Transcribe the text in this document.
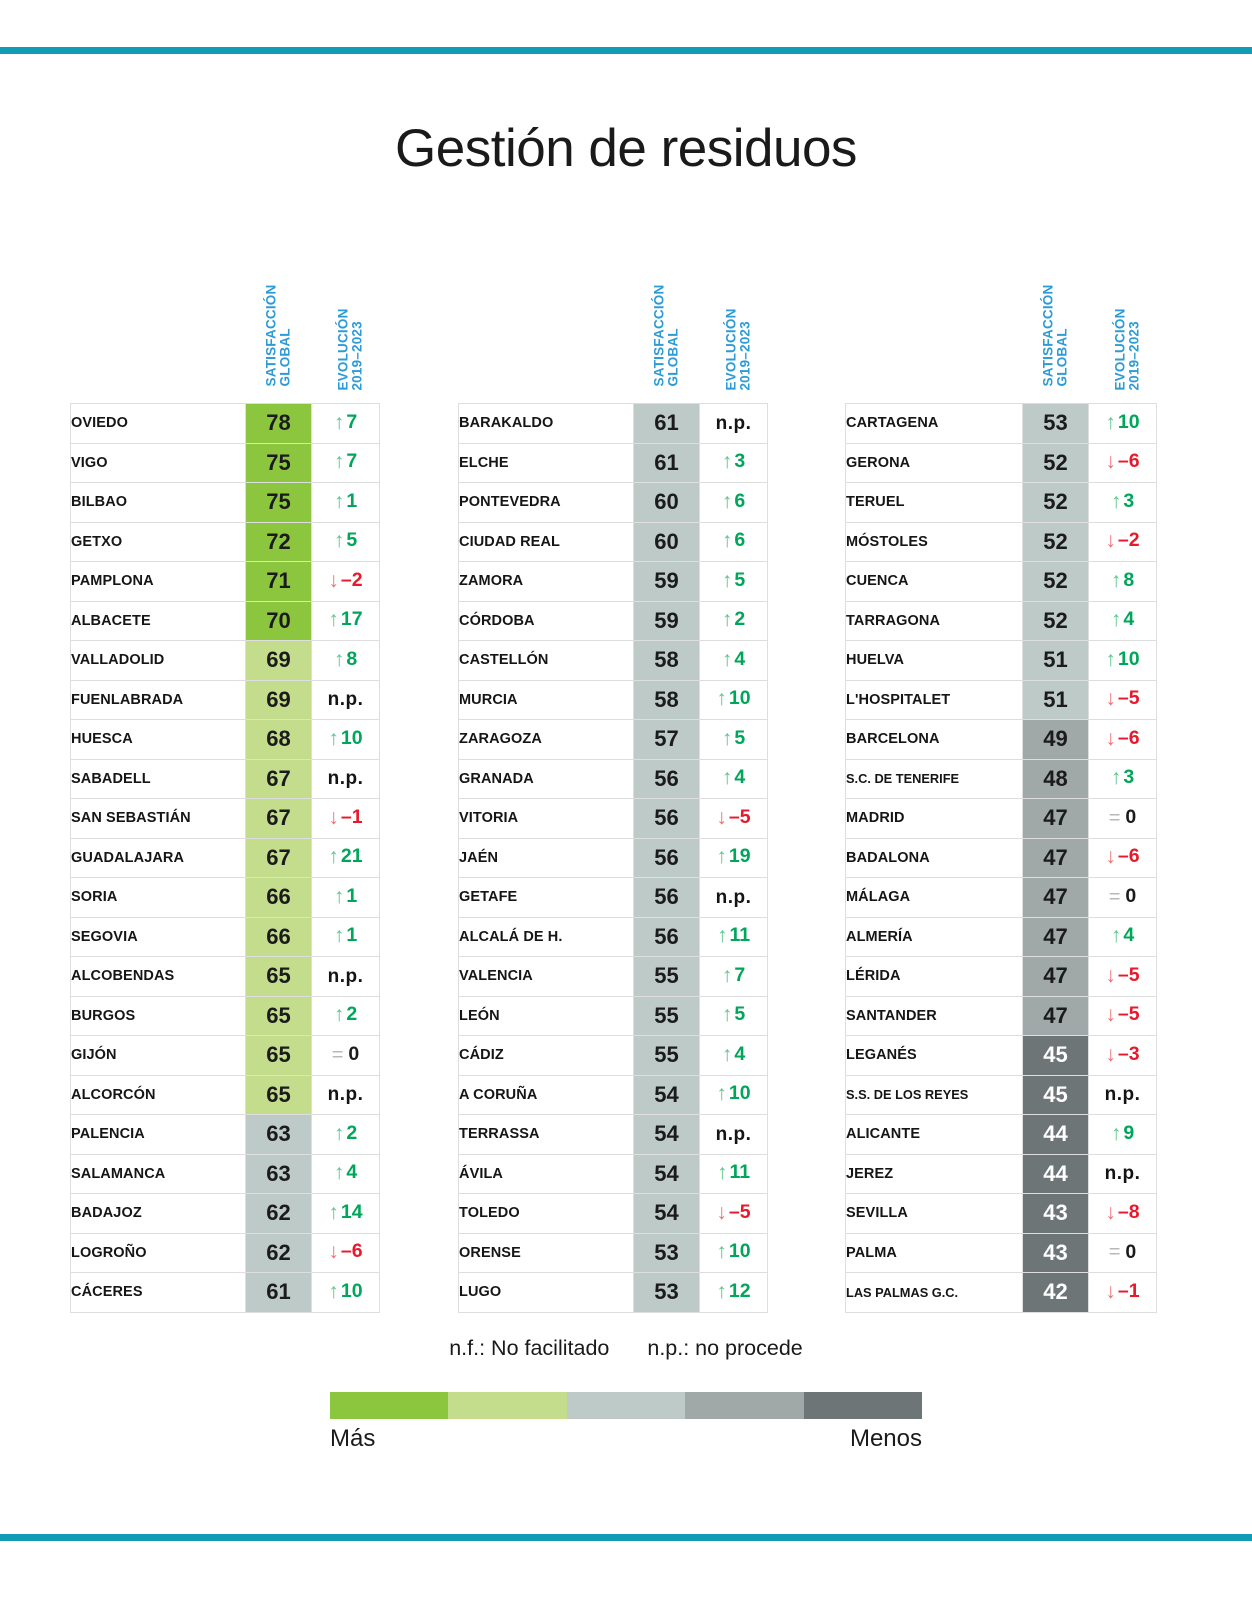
Gestión de residuos
SATISFACCIÓN
GLOBAL	EVOLUCIÓN
2019–2023
OVIEDO	78	↑ 7

VIGO	75	↑ 7

BILBAO	75	↑ 1

GETXO	72	↑ 5

PAMPLONA	71	↓ –2

ALBACETE	70	↑ 17

VALLADOLID	69	↑ 8

FUENLABRADA	69	n.p.

HUESCA	68	↑ 10

SABADELL	67	n.p.

SAN SEBASTIÁN	67	↓ –1

GUADALAJARA	67	↑ 21

SORIA	66	↑ 1

SEGOVIA	66	↑ 1

ALCOBENDAS	65	n.p.

BURGOS	65	↑ 2

GIJÓN	65	= 0

ALCORCÓN	65	n.p.

PALENCIA	63	↑ 2

SALAMANCA	63	↑ 4

BADAJOZ	62	↑ 14

LOGROÑO	62	↓ –6

CÁCERES	61	↑ 10
SATISFACCIÓN
GLOBAL	EVOLUCIÓN
2019–2023
BARAKALDO	61	n.p.

ELCHE	61	↑ 3

PONTEVEDRA	60	↑ 6

CIUDAD REAL	60	↑ 6

ZAMORA	59	↑ 5

CÓRDOBA	59	↑ 2

CASTELLÓN	58	↑ 4

MURCIA	58	↑ 10

ZARAGOZA	57	↑ 5

GRANADA	56	↑ 4

VITORIA	56	↓ –5

JAÉN	56	↑ 19

GETAFE	56	n.p.

ALCALÁ DE H.	56	↑ 11

VALENCIA	55	↑ 7

LEÓN	55	↑ 5

CÁDIZ	55	↑ 4

A CORUÑA	54	↑ 10

TERRASSA	54	n.p.

ÁVILA	54	↑ 11

TOLEDO	54	↓ –5

ORENSE	53	↑ 10

LUGO	53	↑ 12
SATISFACCIÓN
GLOBAL	EVOLUCIÓN
2019–2023
CARTAGENA	53	↑ 10

GERONA	52	↓ –6

TERUEL	52	↑ 3

MÓSTOLES	52	↓ –2

CUENCA	52	↑ 8

TARRAGONA	52	↑ 4

HUELVA	51	↑ 10

L'HOSPITALET	51	↓ –5

BARCELONA	49	↓ –6

S.C. DE TENERIFE	48	↑ 3

MADRID	47	= 0

BADALONA	47	↓ –6

MÁLAGA	47	= 0

ALMERÍA	47	↑ 4

LÉRIDA	47	↓ –5

SANTANDER	47	↓ –5

LEGANÉS	45	↓ –3

S.S. DE LOS REYES	45	n.p.

ALICANTE	44	↑ 9

JEREZ	44	n.p.

SEVILLA	43	↓ –8

PALMA	43	= 0

LAS PALMAS G.C.	42	↓ –1
n.f.: No facilitado n.p.: no procede
Más	Menos
